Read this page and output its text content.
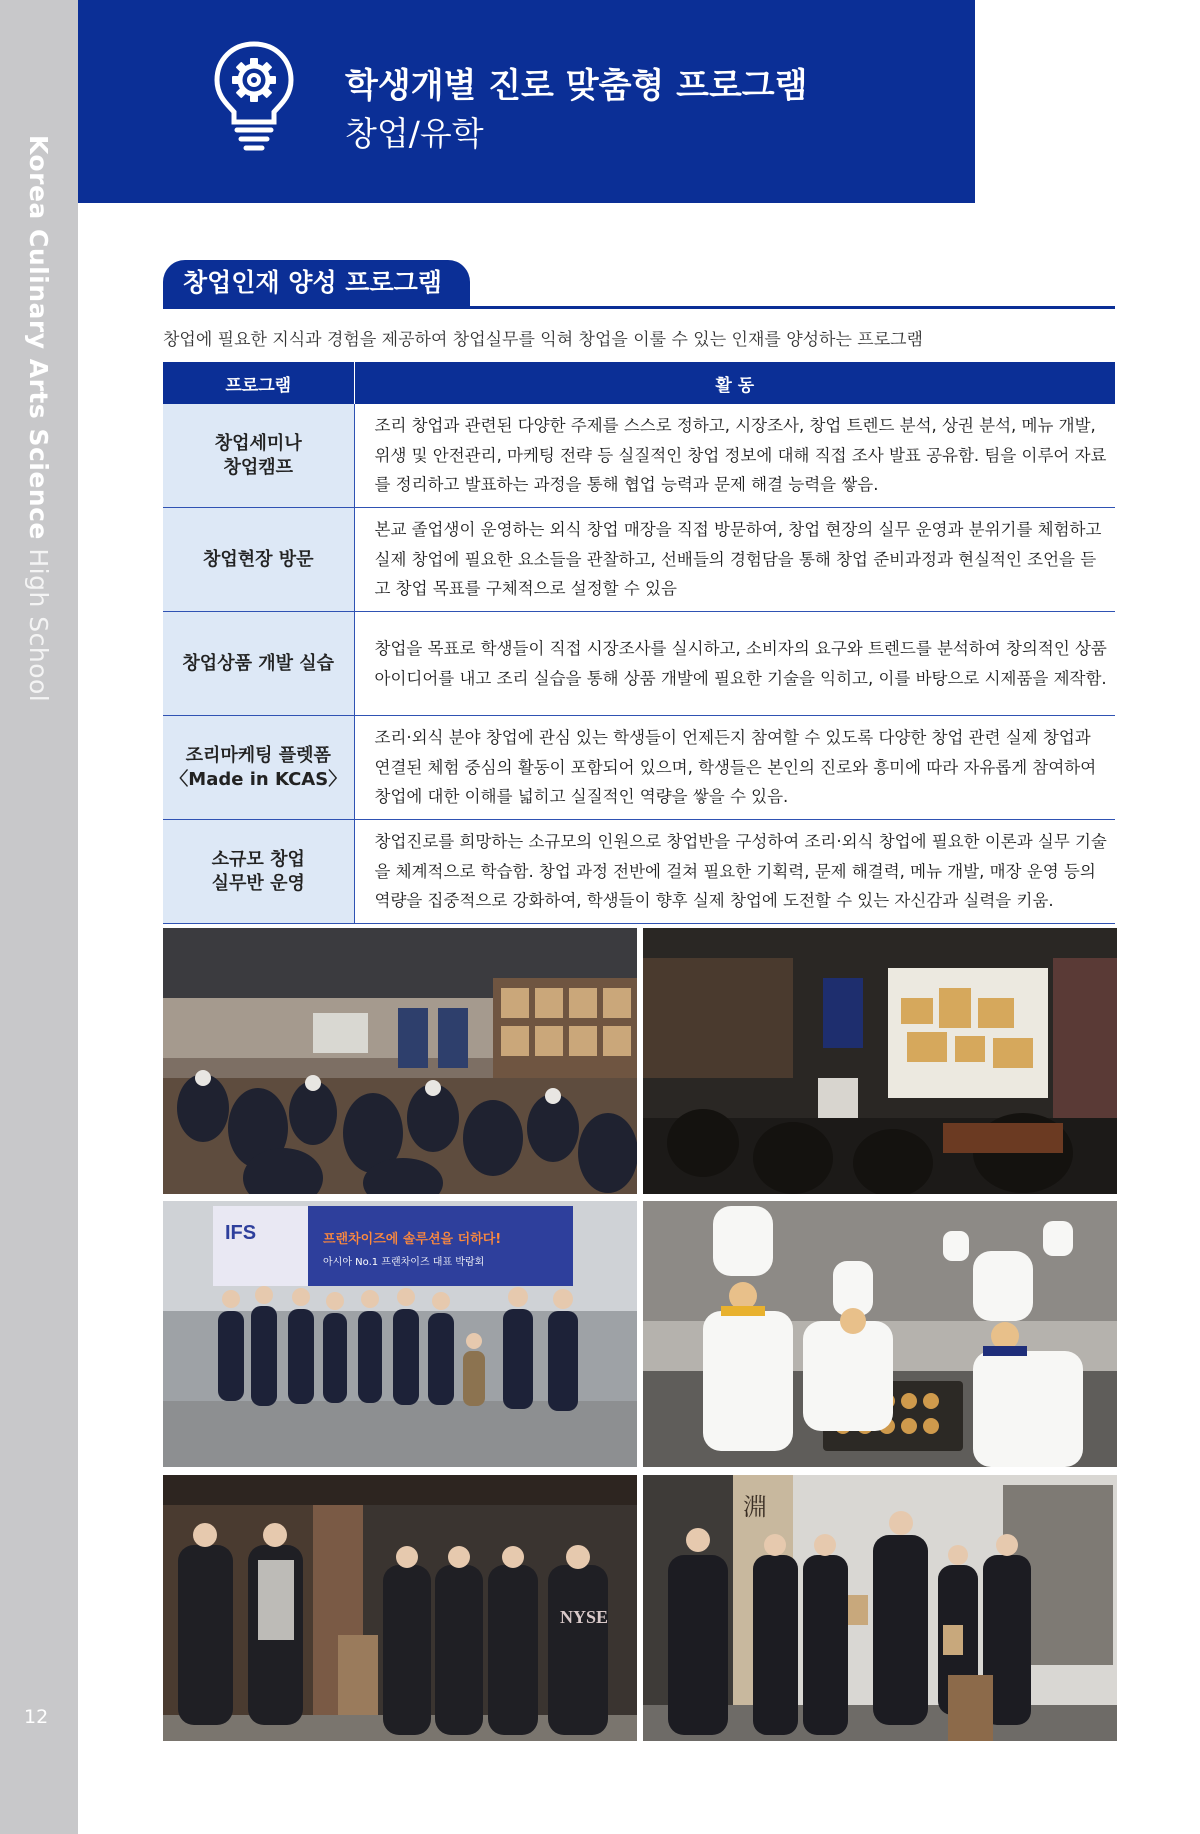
Korea Culinary Arts Science High School
12
학생개별 진로 맞춤형 프로그램
창업/유학
창업인재 양성 프로그램
창업에 필요한 지식과 경험을 제공하여 창업실무를 익혀 창업을 이룰 수 있는 인재를 양성하는 프로그램
프로그램	활 동

창업세미나
창업캠프	조리 창업과 관련된 다양한 주제를 스스로 정하고, 시장조사, 창업 트렌드 분석, 상권 분석, 메뉴 개발, 위생 및 안전관리, 마케팅 전략 등 실질적인 창업 정보에 대해 직접 조사 발표 공유함. 팀을 이루어 자료를 정리하고 발표하는 과정을 통해 협업 능력과 문제 해결 능력을 쌓음.

창업현장 방문	본교 졸업생이 운영하는 외식 창업 매장을 직접 방문하여, 창업 현장의 실무 운영과 분위기를 체험하고 실제 창업에 필요한 요소들을 관찰하고, 선배들의 경험담을 통해 창업 준비과정과 현실적인 조언을 듣고 창업 목표를 구체적으로 설정할 수 있음

창업상품 개발 실습	창업을 목표로 학생들이 직접 시장조사를 실시하고, 소비자의 요구와 트렌드를 분석하여 창의적인 상품 아이디어를 내고 조리 실습을 통해 상품 개발에 필요한 기술을 익히고, 이를 바탕으로 시제품을 제작함.

조리마케팅 플렛폼
〈Made in KCAS〉	조리·외식 분야 창업에 관심 있는 학생들이 언제든지 참여할 수 있도록 다양한 창업 관련 실제 창업과 연결된 체험 중심의 활동이 포함되어 있으며, 학생들은 본인의 진로와 흥미에 따라 자유롭게 참여하여 창업에 대한 이해를 넓히고 실질적인 역량을 쌓을 수 있음.

소규모 창업
실무반 운영	창업진로를 희망하는 소규모의 인원으로 창업반을 구성하여 조리·외식 창업에 필요한 이론과 실무 기술을 체계적으로 학습함. 창업 과정 전반에 걸쳐 필요한 기획력, 문제 해결력, 메뉴 개발, 매장 운영 등의 역량을 집중적으로 강화하여, 학생들이 향후 실제 창업에 도전할 수 있는 자신감과 실력을 키움.
IFS	프랜차이즈에 솔루션을 더하다!
아시아 No.1 프랜차이즈 대표 박람회
NYSE
淵
